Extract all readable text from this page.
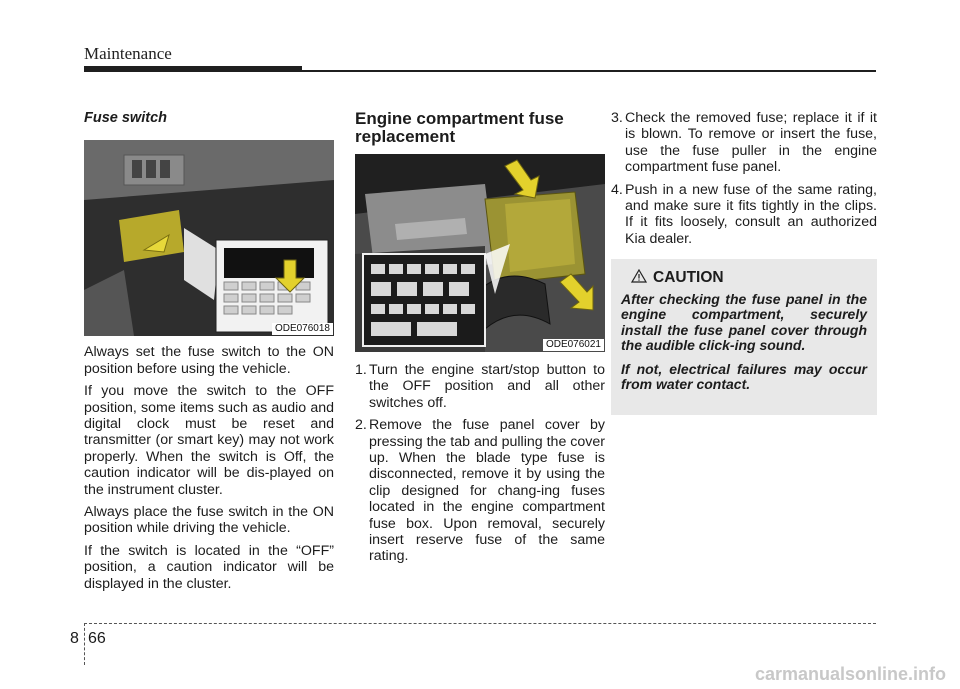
Maintenance
Fuse switch
ODE076018

Always set the fuse switch to the ON position before using the vehicle.

If you move the switch to the OFF position, some items such as audio and digital clock must be reset and transmitter (or smart key) may not work properly. When the switch is Off, the caution indicator will be dis-played on the instrument cluster.

Always place the fuse switch in the ON position while driving the vehicle.

If the switch is located in the “OFF” position, a caution indicator will be displayed in the cluster.

Engine compartment fuse replacement
ODE076021
1. Turn the engine start/stop button to the OFF position and all other switches off.
2. Remove the fuse panel cover by pressing the tab and pulling the cover up. When the blade type fuse is disconnected, remove it by using the clip designed for chang-ing fuses located in the engine compartment fuse box. Upon removal, securely insert reserve fuse of the same rating.
3. Check the removed fuse; replace it if it is blown. To remove or insert the fuse, use the fuse puller in the engine compartment fuse panel.
4. Push in a new fuse of the same rating, and make sure it fits tightly in the clips. If it fits loosely, consult an authorized Kia dealer.
CAUTION

After checking the fuse panel in the engine compartment, securely install the fuse panel cover through the audible click-ing sound.

If not, electrical failures may occur from water contact.

8 66
carmanualsonline.info
